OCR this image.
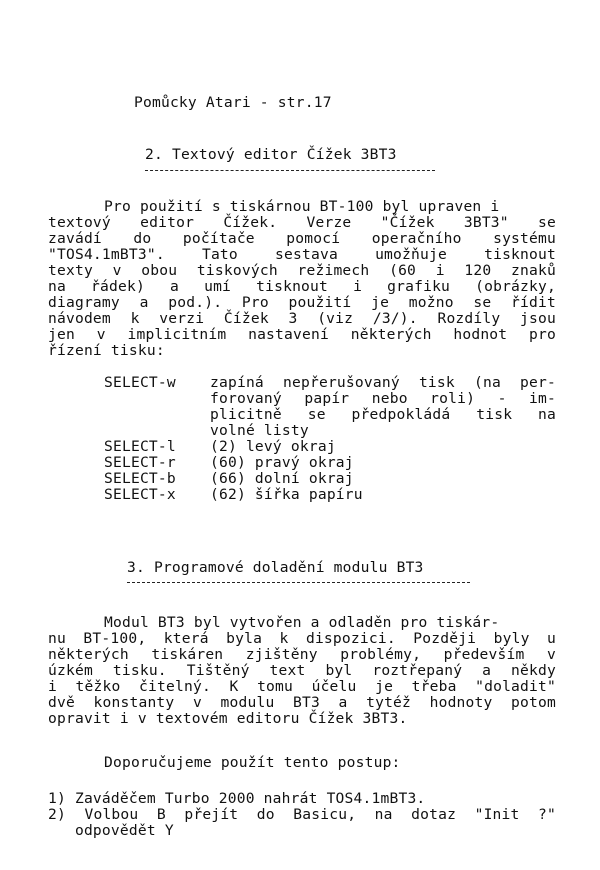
Pomůcky Atari - str.17
2. Textový editor Čížek 3BT3
Pro použití s tiskárnou BT-100 byl upraven i
textový editor Čížek. Verze "Čížek 3BT3" se
zavádí do počítače pomocí operačního systému
"TOS4.1mBT3". Tato sestava umožňuje tisknout
texty v obou tiskových režimech (60 i 120 znaků
na řádek) a umí tisknout i grafiku (obrázky,
diagramy a pod.). Pro použití je možno se řídit
návodem k verzi Čížek 3 (viz /3/). Rozdíly jsou
jen v implicitním nastavení některých hodnot pro
řízení tisku:
SELECT-w zapíná nepřerušovaný tisk (na per-
forovaný papír nebo roli) - im-
plicitně se předpokládá tisk na
volné listy
SELECT-l (2) levý okraj
SELECT-r (60) pravý okraj
SELECT-b (66) dolní okraj
SELECT-x (62) šířka papíru
3. Programové doladění modulu BT3
Modul BT3 byl vytvořen a odladěn pro tiskár-
nu BT-100, která byla k dispozici. Později byly u
některých tiskáren zjištěny problémy, především v
úzkém tisku. Tištěný text byl roztřepaný a někdy
i těžko čitelný. K tomu účelu je třeba "doladit"
dvě konstanty v modulu BT3 a tytéž hodnoty potom
opravit i v textovém editoru Čížek 3BT3.
Doporučujeme použít tento postup:
1) Zaváděčem Turbo 2000 nahrát TOS4.1mBT3.
2) Volbou B přejít do Basicu, na dotaz "Init ?"
odpovědět Y
